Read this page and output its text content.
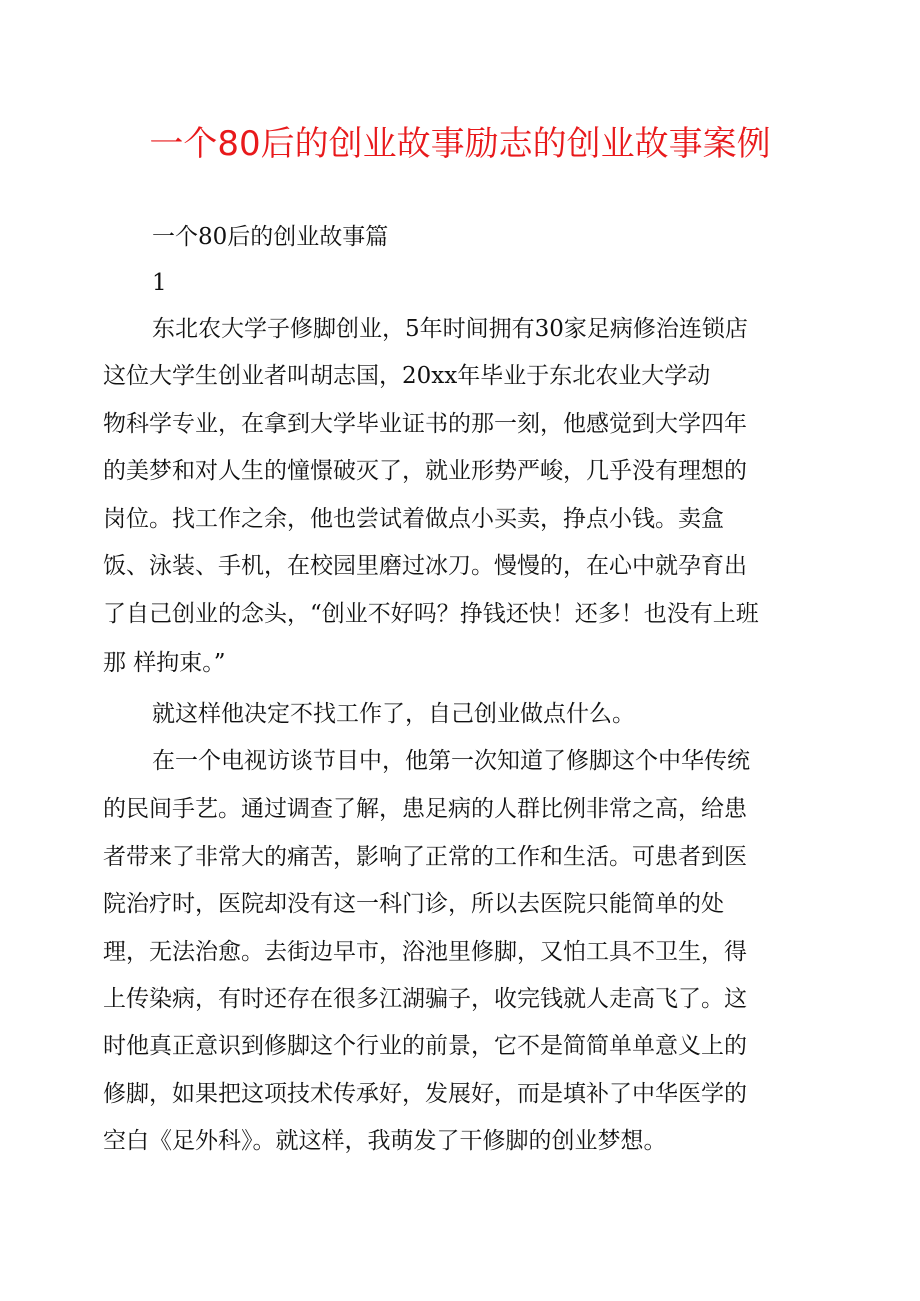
一个80后的创业故事励志的创业故事案例
一个80后的创业故事篇
1
东北农大学子修脚创业，5年时间拥有30家足病修治连锁店
这位大学生创业者叫胡志国，20xx年毕业于东北农业大学动
物科学专业，在拿到大学毕业证书的那一刻，他感觉到大学四年
的美梦和对人生的憧憬破灭了，就业形势严峻，几乎没有理想的
岗位。找工作之余，他也尝试着做点小买卖，挣点小钱。卖盒
饭、泳装、手机，在校园里磨过冰刀。慢慢的，在心中就孕育出
了自己创业的念头，“创业不好吗？挣钱还快！还多！也没有上班
那 样拘束。”
就这样他决定不找工作了，自己创业做点什么。
在一个电视访谈节目中，他第一次知道了修脚这个中华传统
的民间手艺。通过调查了解，患足病的人群比例非常之高，给患
者带来了非常大的痛苦，影响了正常的工作和生活。可患者到医
院治疗时，医院却没有这一科门诊，所以去医院只能简单的处
理，无法治愈。去街边早市，浴池里修脚，又怕工具不卫生，得
上传染病，有时还存在很多江湖骗子，收完钱就人走高飞了。这
时他真正意识到修脚这个行业的前景，它不是简简单单意义上的
修脚，如果把这项技术传承好，发展好，而是填补了中华医学的
空白《足外科》。就这样，我萌发了干修脚的创业梦想。
